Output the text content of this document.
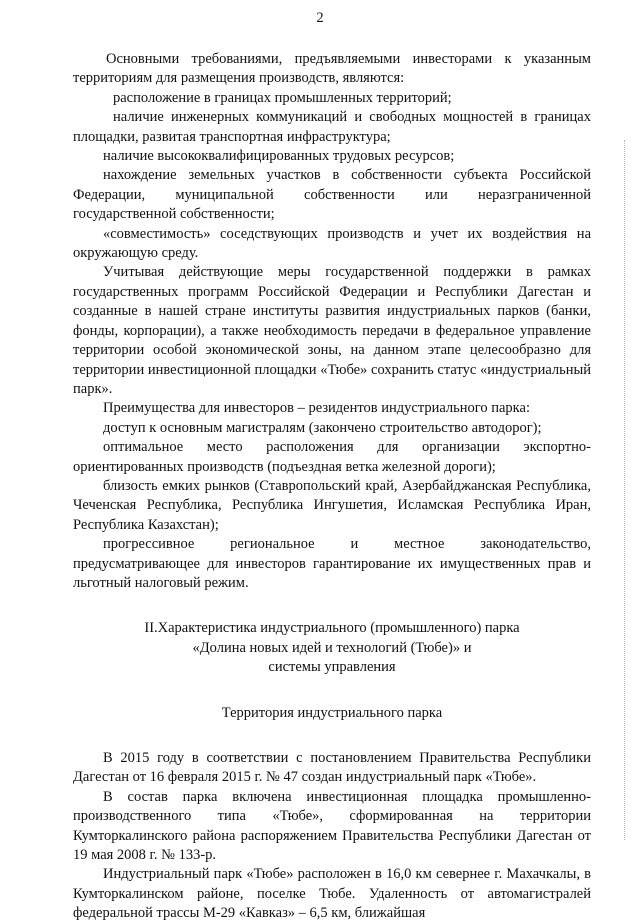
2

Основными требованиями, предъявляемыми инвесторами к указанным территориям для размещения производств, являются:

расположение в границах промышленных территорий;

наличие инженерных коммуникаций и свободных мощностей в границах площадки, развитая транспортная инфраструктура;

наличие высококвалифицированных трудовых ресурсов;

нахождение земельных участков в собственности субъекта Российской Федерации, муниципальной собственности или неразграниченной государственной собственности;

«совместимость» соседствующих производств и учет их воздействия на окружающую среду.

Учитывая действующие меры государственной поддержки в рамках государственных программ Российской Федерации и Республики Дагестан и созданные в нашей стране институты развития индустриальных парков (банки, фонды, корпорации), а также необходимость передачи в федеральное управление территории особой экономической зоны, на данном этапе целесообразно для территории инвестиционной площадки «Тюбе» сохранить статус «индустриальный парк».

Преимущества для инвесторов – резидентов индустриального парка:

доступ к основным магистралям (закончено строительство автодорог);

оптимальное место расположения для организации экспортно-ориентированных производств (подъездная ветка железной дороги);

близость емких рынков (Ставропольский край, Азербайджанская Республика, Чеченская Республика, Республика Ингушетия, Исламская Республика Иран, Республика Казахстан);

прогрессивное региональное и местное законодательство, предусматривающее для инвесторов гарантирование их имущественных прав и льготный налоговый режим.

II.Характеристика индустриального (промышленного) парка
«Долина новых идей и технологий (Тюбе)» и
системы управления
Территория индустриального парка

В 2015 году в соответствии с постановлением Правительства Республики Дагестан от 16 февраля 2015 г. № 47 создан индустриальный парк «Тюбе».

В состав парка включена инвестиционная площадка промышленно-производственного типа «Тюбе», сформированная на территории Кумторкалинского района распоряжением Правительства Республики Дагестан от 19 мая 2008 г. № 133-р.

Индустриальный парк «Тюбе» расположен в 16,0 км севернее г. Махачкалы, в Кумторкалинском районе, поселке Тюбе. Удаленность от автомагистралей федеральной трассы М-29 «Кавказ» – 6,5 км, ближайшая
